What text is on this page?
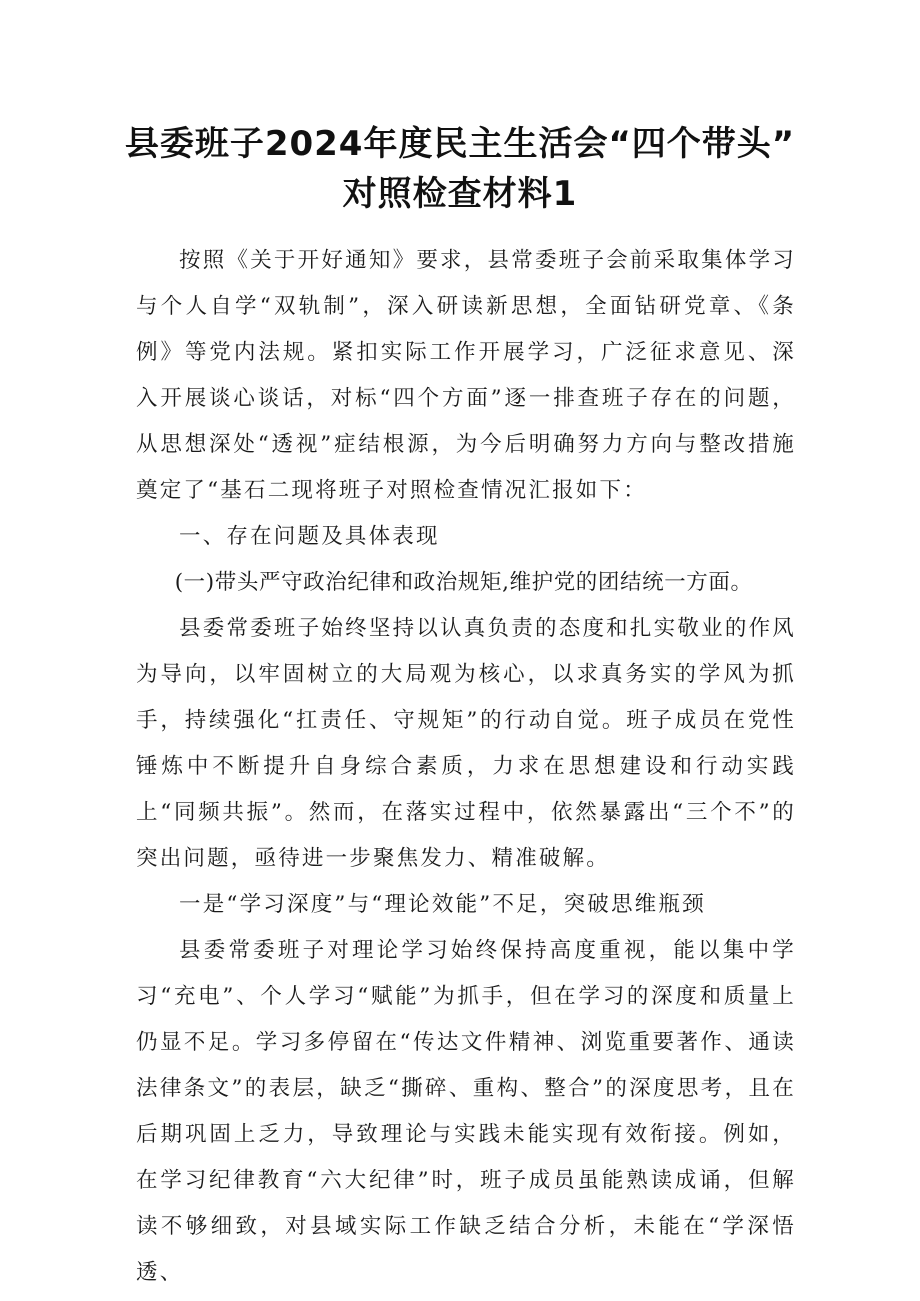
县委班子2024年度民主生活会“四个带头”
对照检查材料1

按照《关于开好通知》要求，县常委班子会前采取集体学习与个人自学“双轨制”，深入研读新思想，全面钻研党章、《条例》等党内法规。紧扣实际工作开展学习，广泛征求意见、深入开展谈心谈话，对标“四个方面”逐一排查班子存在的问题，从思想深处“透视”症结根源，为今后明确努力方向与整改措施奠定了“基石二现将班子对照检查情况汇报如下：

一、存在问题及具体表现

(一)带头严守政治纪律和政治规矩,维护党的团结统一方面。

县委常委班子始终坚持以认真负责的态度和扎实敬业的作风为导向，以牢固树立的大局观为核心，以求真务实的学风为抓手，持续强化“扛责任、守规矩”的行动自觉。班子成员在党性锤炼中不断提升自身综合素质，力求在思想建设和行动实践上“同频共振”。然而，在落实过程中，依然暴露出“三个不”的突出问题，亟待进一步聚焦发力、精准破解。

一是“学习深度”与“理论效能”不足，突破思维瓶颈

县委常委班子对理论学习始终保持高度重视，能以集中学习“充电”、个人学习“赋能”为抓手，但在学习的深度和质量上仍显不足。学习多停留在“传达文件精神、浏览重要著作、通读法律条文”的表层，缺乏“撕碎、重构、整合”的深度思考，且在后期巩固上乏力，导致理论与实践未能实现有效衔接。例如，在学习纪律教育“六大纪律”时，班子成员虽能熟读成诵，但解读不够细致，对县域实际工作缺乏结合分析，未能在“学深悟透、
